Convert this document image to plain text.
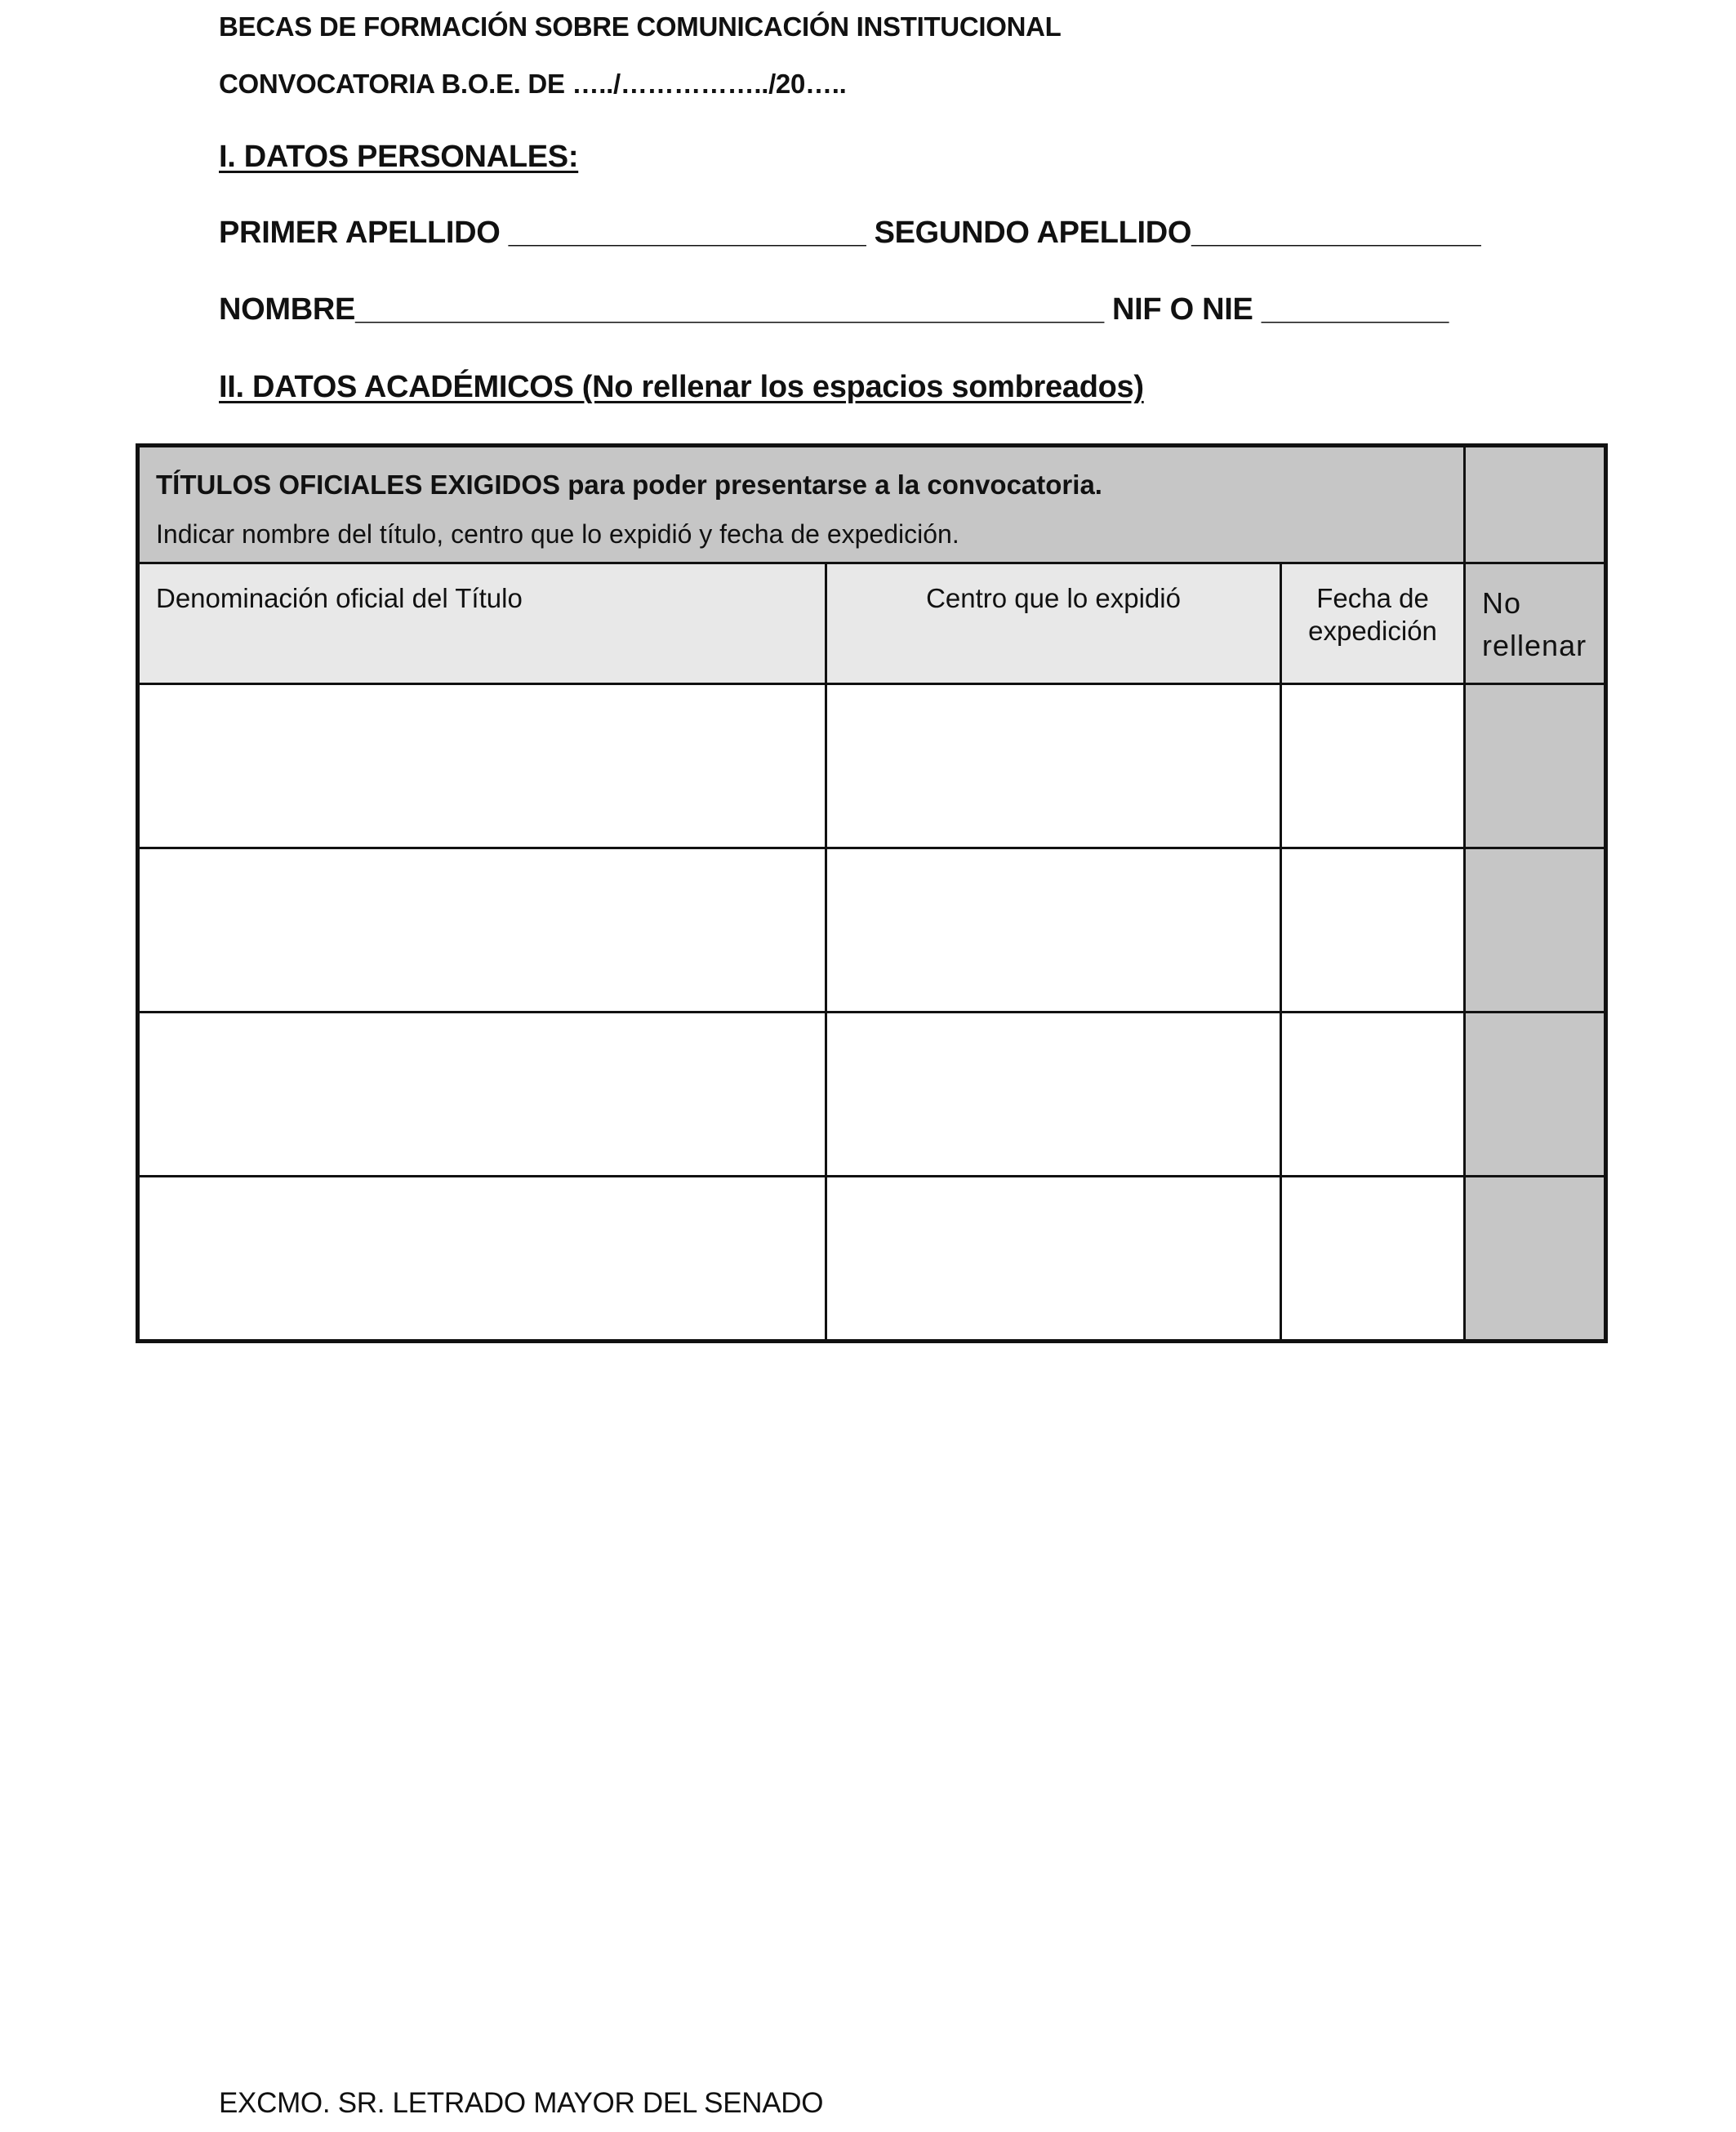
BECAS DE FORMACIÓN SOBRE COMUNICACIÓN INSTITUCIONAL
CONVOCATORIA B.O.E. DE …../……………../20…..
I. DATOS PERSONALES:
PRIMER APELLIDO _____________________ SEGUNDO APELLIDO_________________
NOMBRE____________________________________________ NIF O NIE ___________
II. DATOS ACADÉMICOS (No rellenar los espacios sombreados)
TÍTULOS OFICIALES EXIGIDOS para poder presentarse a la convocatoria.
Indicar nombre del título, centro que lo expidió y fecha de expedición.			

Denominación oficial del Título	Centro que lo expidió	Fecha de expedición	No rellenar

EXCMO. SR. LETRADO MAYOR DEL SENADO
